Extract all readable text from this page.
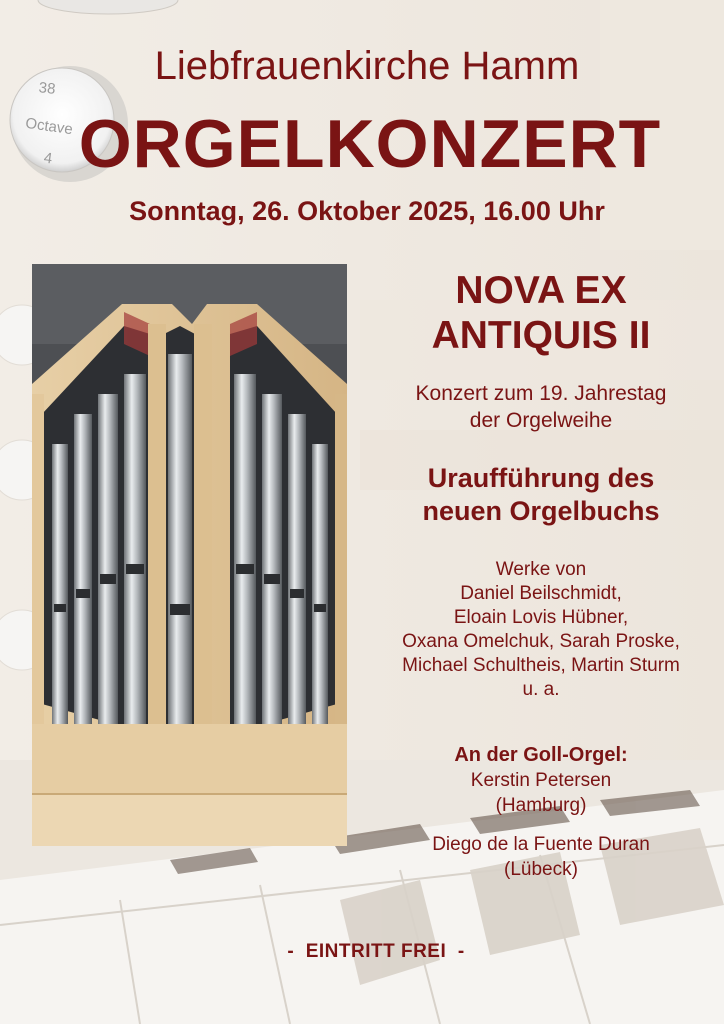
38
Octave
4
Liebfrauenkirche Hamm
ORGELKONZERT
Sonntag, 26. Oktober 2025, 16.00 Uhr
NOVA EX
ANTIQUIS II
Konzert zum 19. Jahrestag
der Orgelweihe
Uraufführung des
neuen Orgelbuchs
Werke von
Daniel Beilschmidt,
Eloain Lovis Hübner,
Oxana Omelchuk, Sarah Proske,
Michael Schultheis, Martin Sturm
u. a.
An der Goll-Orgel:
Kerstin Petersen
(Hamburg)
Diego de la Fuente Duran
(Lübeck)
-  EINTRITT FREI  -
